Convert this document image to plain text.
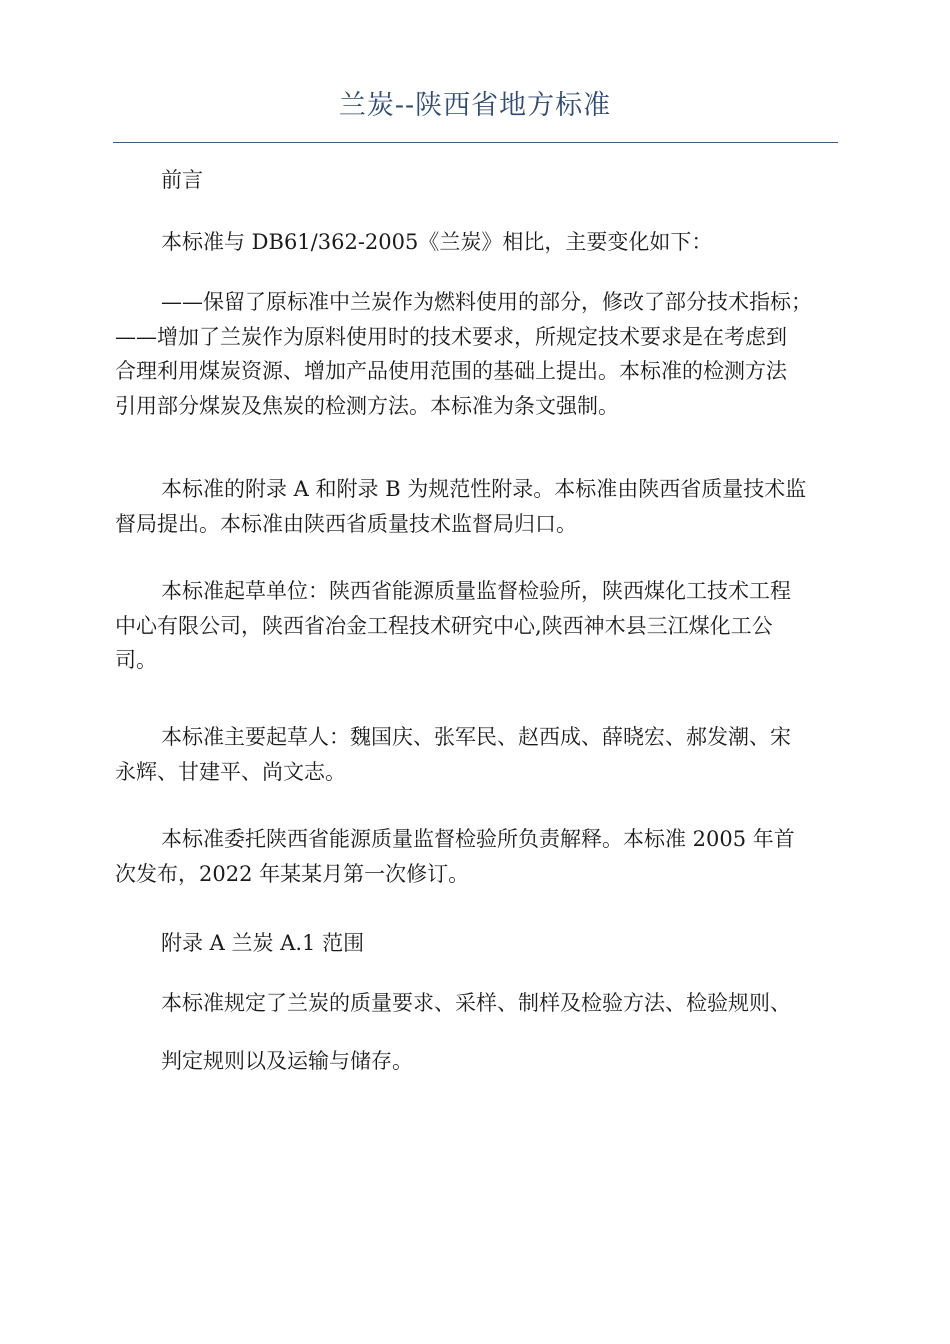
兰炭--陕西省地方标准

前言

本标准与 DB61/362-2005《兰炭》相比，主要变化如下：

——保留了原标准中兰炭作为燃料使用的部分，修改了部分技术指标；
——增加了兰炭作为原料使用时的技术要求，所规定技术要求是在考虑到
合理利用煤炭资源、增加产品使用范围的基础上提出。本标准的检测方法
引用部分煤炭及焦炭的检测方法。本标准为条文强制。
本标准的附录 A 和附录 B 为规范性附录。本标准由陕西省质量技术监
督局提出。本标准由陕西省质量技术监督局归口。
本标准起草单位：陕西省能源质量监督检验所，陕西煤化工技术工程
中心有限公司，陕西省冶金工程技术研究中心,陕西神木县三江煤化工公
司。
本标准主要起草人：魏国庆、张军民、赵西成、薛晓宏、郝发潮、宋
永辉、甘建平、尚文志。
本标准委托陕西省能源质量监督检验所负责解释。本标准 2005 年首
次发布，2022 年某某月第一次修订。

附录 A 兰炭 A.1 范围

本标准规定了兰炭的质量要求、采样、制样及检验方法、检验规则、

判定规则以及运输与储存。
